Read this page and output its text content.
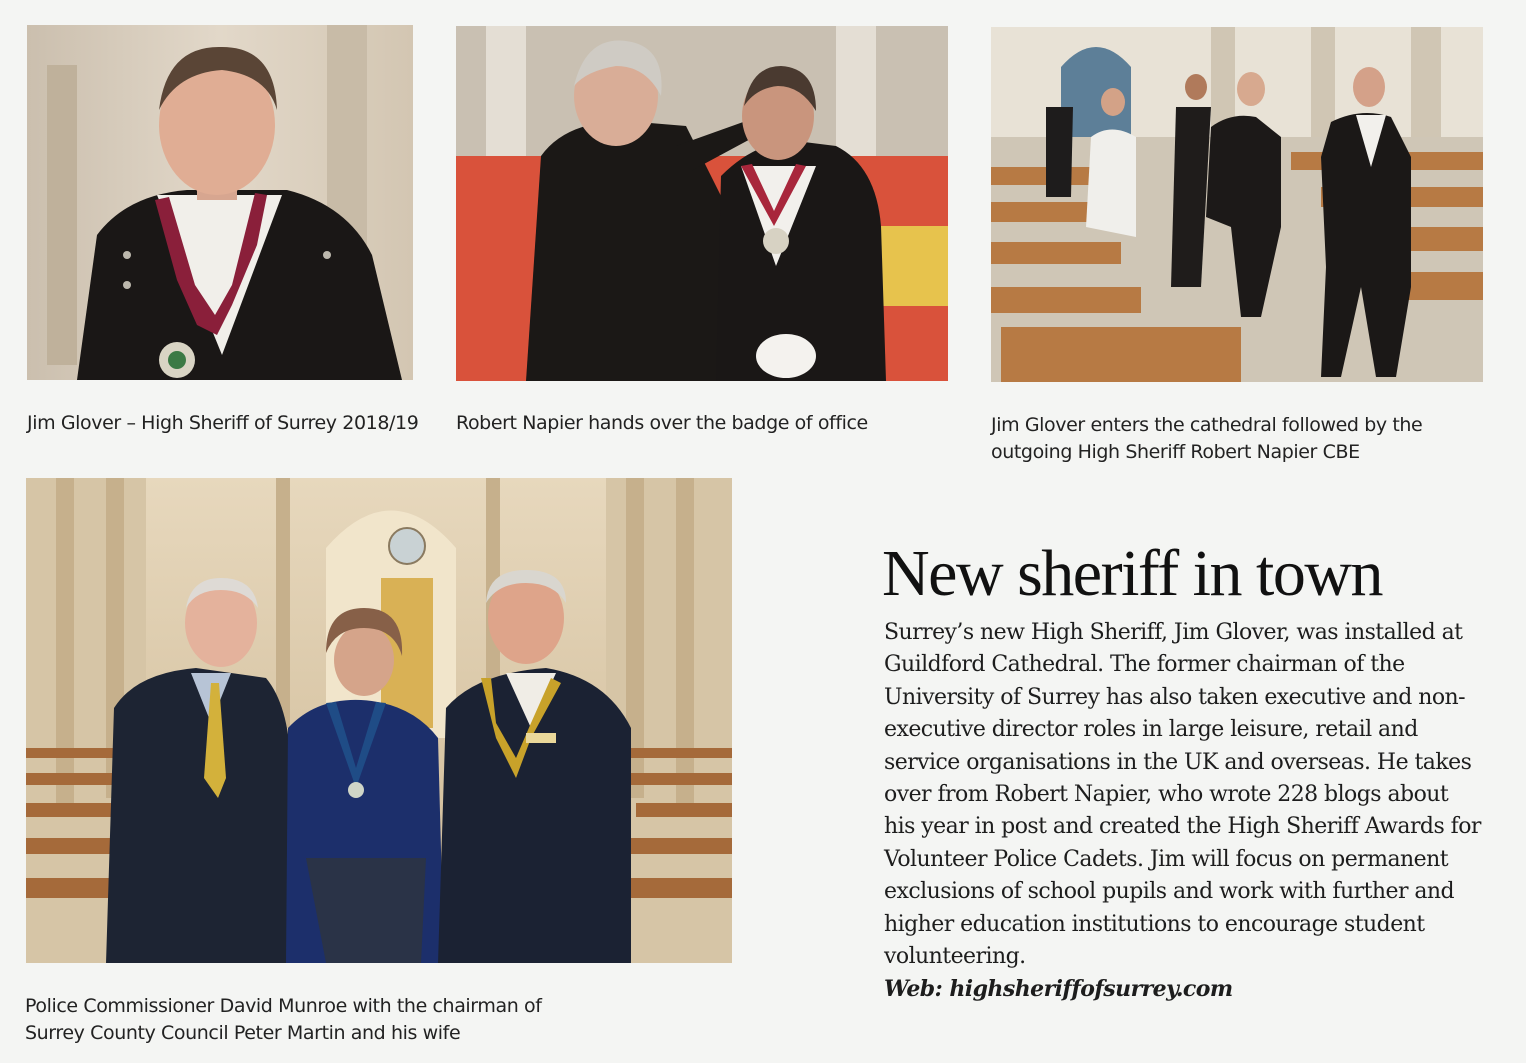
Jim Glover – High Sheriff of Surrey 2018/19	Robert Napier hands over the badge of office	Jim Glover enters the cathedral followed by the
outgoing High Sheriff Robert Napier CBE
Police Commissioner David Munroe with the chairman of
Surrey County Council Peter Martin and his wife
New sheriff in town

Surrey’s new High Sheriff, Jim Glover, was installed at Guildford Cathedral. The former chairman of the University of Surrey has also taken executive and non-executive director roles in large leisure, retail and service organisations in the UK and overseas. He takes over from Robert Napier, who wrote 228 blogs about his year in post and created the High Sheriff Awards for Volunteer Police Cadets. Jim will focus on permanent exclusions of school pupils and work with further and higher education institutions to encourage student volunteering.

Web: highsheriffofsurrey.com
